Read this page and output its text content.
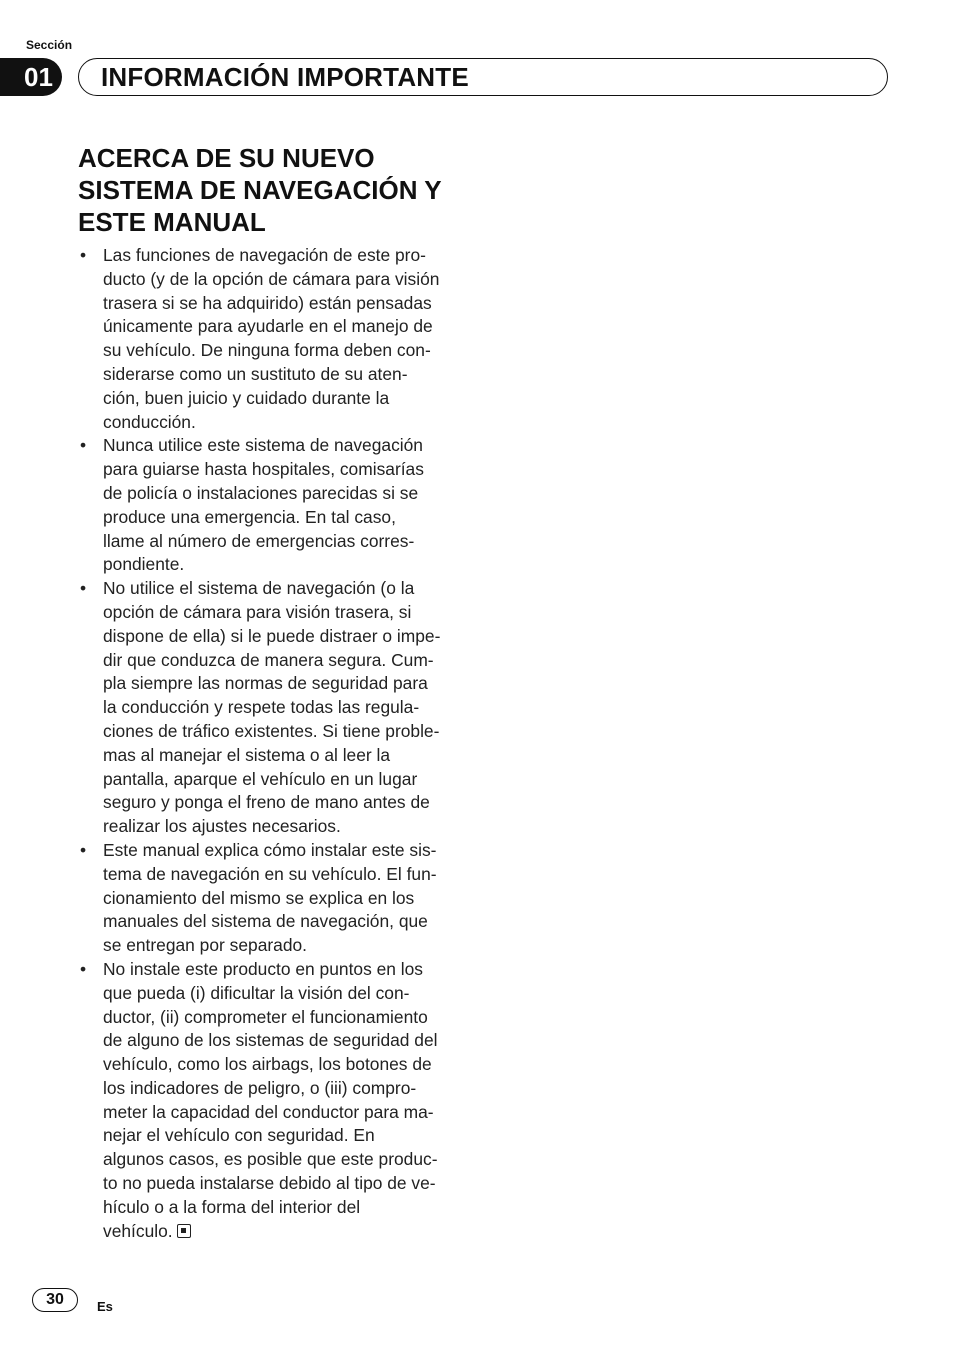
Sección
01	INFORMACIÓN IMPORTANTE
ACERCA DE SU NUEVO
SISTEMA DE NAVEGACIÓN Y
ESTE MANUAL
• Las funciones de navegación de este pro-
ducto (y de la opción de cámara para visión
trasera si se ha adquirido) están pensadas
únicamente para ayudarle en el manejo de
su vehículo. De ninguna forma deben con-
siderarse como un sustituto de su aten-
ción, buen juicio y cuidado durante la
conducción.
• Nunca utilice este sistema de navegación
para guiarse hasta hospitales, comisarías
de policía o instalaciones parecidas si se
produce una emergencia. En tal caso,
llame al número de emergencias corres-
pondiente.
• No utilice el sistema de navegación (o la
opción de cámara para visión trasera, si
dispone de ella) si le puede distraer o impe-
dir que conduzca de manera segura. Cum-
pla siempre las normas de seguridad para
la conducción y respete todas las regula-
ciones de tráfico existentes. Si tiene proble-
mas al manejar el sistema o al leer la
pantalla, aparque el vehículo en un lugar
seguro y ponga el freno de mano antes de
realizar los ajustes necesarios.
• Este manual explica cómo instalar este sis-
tema de navegación en su vehículo. El fun-
cionamiento del mismo se explica en los
manuales del sistema de navegación, que
se entregan por separado.
• No instale este producto en puntos en los
que pueda (i) dificultar la visión del con-
ductor, (ii) comprometer el funcionamiento
de alguno de los sistemas de seguridad del
vehículo, como los airbags, los botones de
los indicadores de peligro, o (iii) compro-
meter la capacidad del conductor para ma-
nejar el vehículo con seguridad. En
algunos casos, es posible que este produc-
to no pueda instalarse debido al tipo de ve-
hículo o a la forma del interior del
vehículo.
30	Es
